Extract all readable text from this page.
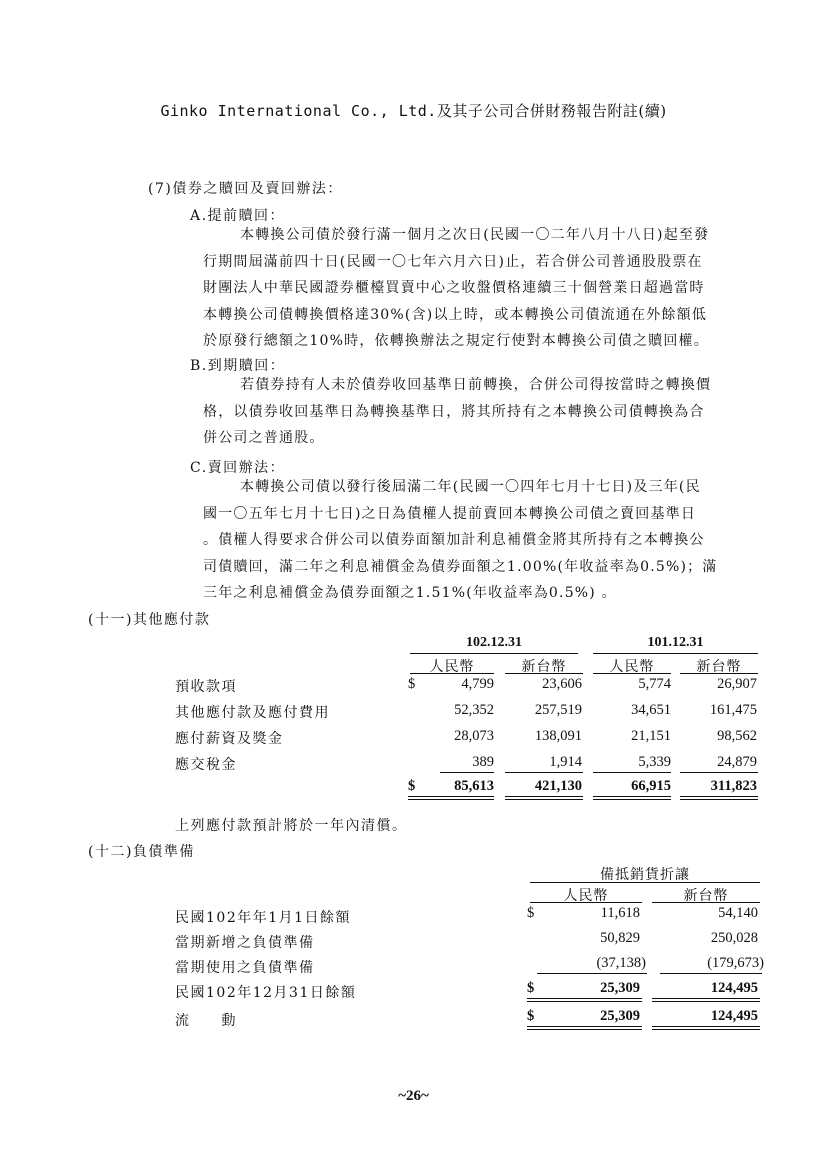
Ginko International Co., Ltd.及其子公司合併財務報告附註(續)
(7)債券之贖回及賣回辦法：
A.提前贖回：
本轉換公司債於發行滿一個月之次日(民國一〇二年八月十八日)起至發
行期間屆滿前四十日(民國一〇七年六月六日)止，若合併公司普通股股票在
財團法人中華民國證券櫃檯買賣中心之收盤價格連續三十個營業日超過當時
本轉換公司債轉換價格達30%(含)以上時，或本轉換公司債流通在外餘額低
於原發行總額之10%時，依轉換辦法之規定行使對本轉換公司債之贖回權。
B.到期贖回：
若債券持有人未於債券收回基準日前轉換，合併公司得按當時之轉換價
格，以債券收回基準日為轉換基準日，將其所持有之本轉換公司債轉換為合
併公司之普通股。
C.賣回辦法：
本轉換公司債以發行後屆滿二年(民國一〇四年七月十七日)及三年(民
國一〇五年七月十七日)之日為債權人提前賣回本轉換公司債之賣回基準日
。債權人得要求合併公司以債券面額加計利息補償金將其所持有之本轉換公
司債贖回，滿二年之利息補償金為債券面額之1.00%(年收益率為0.5%)；滿
三年之利息補償金為債券面額之1.51%(年收益率為0.5%) 。
(十一)其他應付款
102.12.31	101.12.31
人民幣	新台幣	人民幣	新台幣
$
預收款項	4,799	23,606	5,774	26,907
其他應付款及應付費用	52,352	257,519	34,651	161,475
應付薪資及獎金	28,073	138,091	21,151	98,562
應交稅金	389	1,914	5,339	24,879
$	85,613	421,130	66,915	311,823
上列應付款預計將於一年內清償。
(十二)負債準備
備抵銷貨折讓
人民幣	新台幣
$
民國102年年1月1日餘額	11,618	54,140
當期新增之負債準備	50,829	250,028
當期使用之負債準備	(37,138)	(179,673)
$
民國102年12月31日餘額	25,309	124,495
$
流　　動	25,309	124,495
~26~
